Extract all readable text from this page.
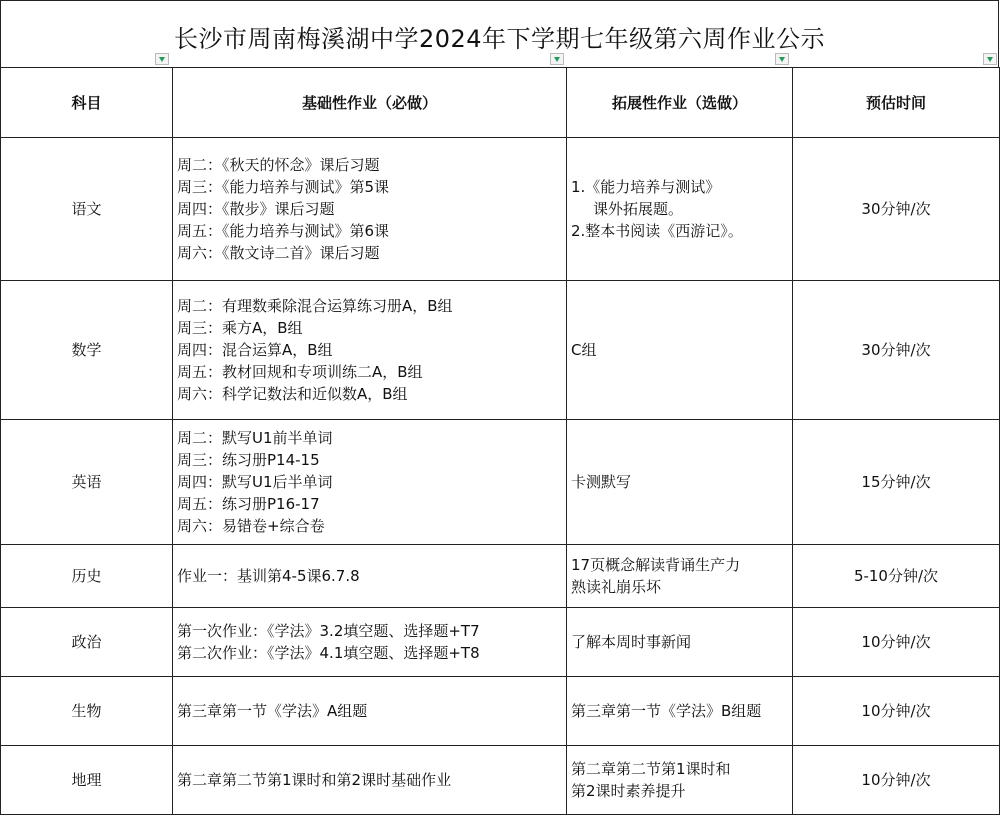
长沙市周南梅溪湖中学2024年下学期七年级第六周作业公示
科目	基础性作业（必做）	拓展性作业（选做）	预估时间
语文	周二：《秋天的怀念》课后习题
周三：《能力培养与测试》第5课
周四：《散步》课后习题
周五：《能力培养与测试》第6课
周六：《散文诗二首》课后习题	1.《能力培养与测试》
课外拓展题。
2.整本书阅读《西游记》。	30分钟/次
数学	周二：有理数乘除混合运算练习册A，B组
周三：乘方A，B组
周四：混合运算A，B组
周五：教材回规和专项训练二A，B组
周六：科学记数法和近似数A，B组	C组	30分钟/次
英语	周二：默写U1前半单词
周三：练习册P14-15
周四：默写U1后半单词
周五：练习册P16-17
周六：易错卷+综合卷	卡测默写	15分钟/次
历史	作业一：基训第4-5课6.7.8	17页概念解读背诵生产力
熟读礼崩乐坏	5-10分钟/次
政治	第一次作业：《学法》3.2填空题、选择题+T7
第二次作业：《学法》4.1填空题、选择题+T8	了解本周时事新闻	10分钟/次
生物	第三章第一节《学法》A组题	第三章第一节《学法》B组题	10分钟/次
地理	第二章第二节第1课时和第2课时基础作业	第二章第二节第1课时和
第2课时素养提升	10分钟/次
